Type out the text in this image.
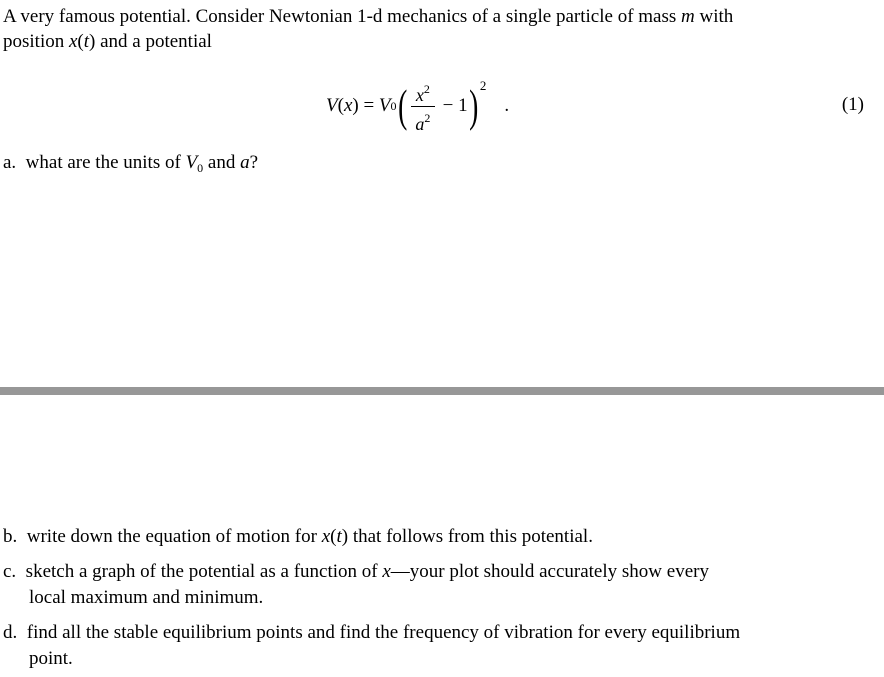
A very famous potential. Consider Newtonian 1-d mechanics of a single particle of mass m with
position x(t) and a potential
V ( x ) = V 0 ( $\frac{x^2}{a^2} - 1$ ) 2
.	(1)
a.  what are the units of $V_0$ and a?
b.  write down the equation of motion for x(t) that follows from this potential.
c.  sketch a graph of the potential as a function of x—your plot should accurately show every
local maximum and minimum.
d.  find all the stable equilibrium points and find the frequency of vibration for every equilibrium
point.
